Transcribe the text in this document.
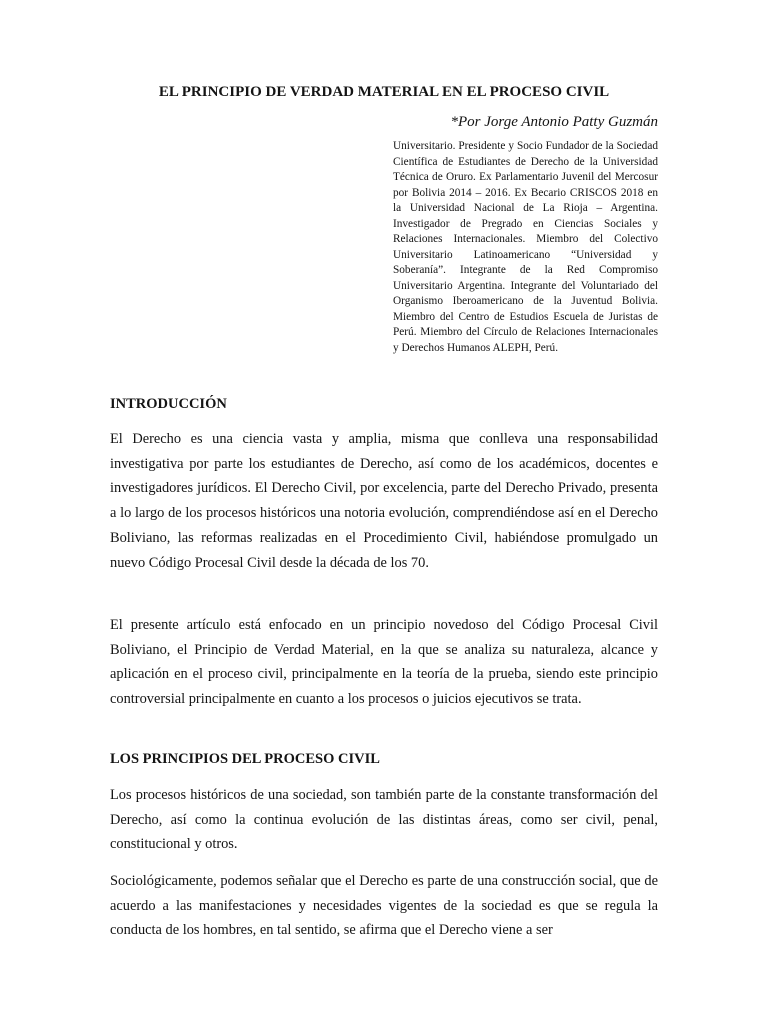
EL PRINCIPIO DE VERDAD MATERIAL EN EL PROCESO CIVIL
*Por Jorge Antonio Patty Guzmán
Universitario. Presidente y Socio Fundador de la Sociedad Científica de Estudiantes de Derecho de la Universidad Técnica de Oruro. Ex Parlamentario Juvenil del Mercosur por Bolivia 2014 – 2016. Ex Becario CRISCOS 2018 en la Universidad Nacional de La Rioja – Argentina. Investigador de Pregrado en Ciencias Sociales y Relaciones Internacionales. Miembro del Colectivo Universitario Latinoamericano “Universidad y Soberanía”. Integrante de la Red Compromiso Universitario Argentina. Integrante del Voluntariado del Organismo Iberoamericano de la Juventud Bolivia. Miembro del Centro de Estudios Escuela de Juristas de Perú. Miembro del Círculo de Relaciones Internacionales y Derechos Humanos ALEPH, Perú.
INTRODUCCIÓN
El Derecho es una ciencia vasta y amplia, misma que conlleva una responsabilidad investigativa por parte los estudiantes de Derecho, así como de los académicos, docentes e investigadores jurídicos. El Derecho Civil, por excelencia, parte del Derecho Privado, presenta a lo largo de los procesos históricos una notoria evolución, comprendiéndose así en el Derecho Boliviano, las reformas realizadas en el Procedimiento Civil, habiéndose promulgado un nuevo Código Procesal Civil desde la década de los 70.
El presente artículo está enfocado en un principio novedoso del Código Procesal Civil Boliviano, el Principio de Verdad Material, en la que se analiza su naturaleza, alcance y aplicación en el proceso civil, principalmente en la teoría de la prueba, siendo este principio controversial principalmente en cuanto a los procesos o juicios ejecutivos se trata.
LOS PRINCIPIOS DEL PROCESO CIVIL
Los procesos históricos de una sociedad, son también parte de la constante transformación del Derecho, así como la continua evolución de las distintas áreas, como ser civil, penal, constitucional y otros.
Sociológicamente, podemos señalar que el Derecho es parte de una construcción social, que de acuerdo a las manifestaciones y necesidades vigentes de la sociedad es que se regula la conducta de los hombres, en tal sentido, se afirma que el Derecho viene a ser
